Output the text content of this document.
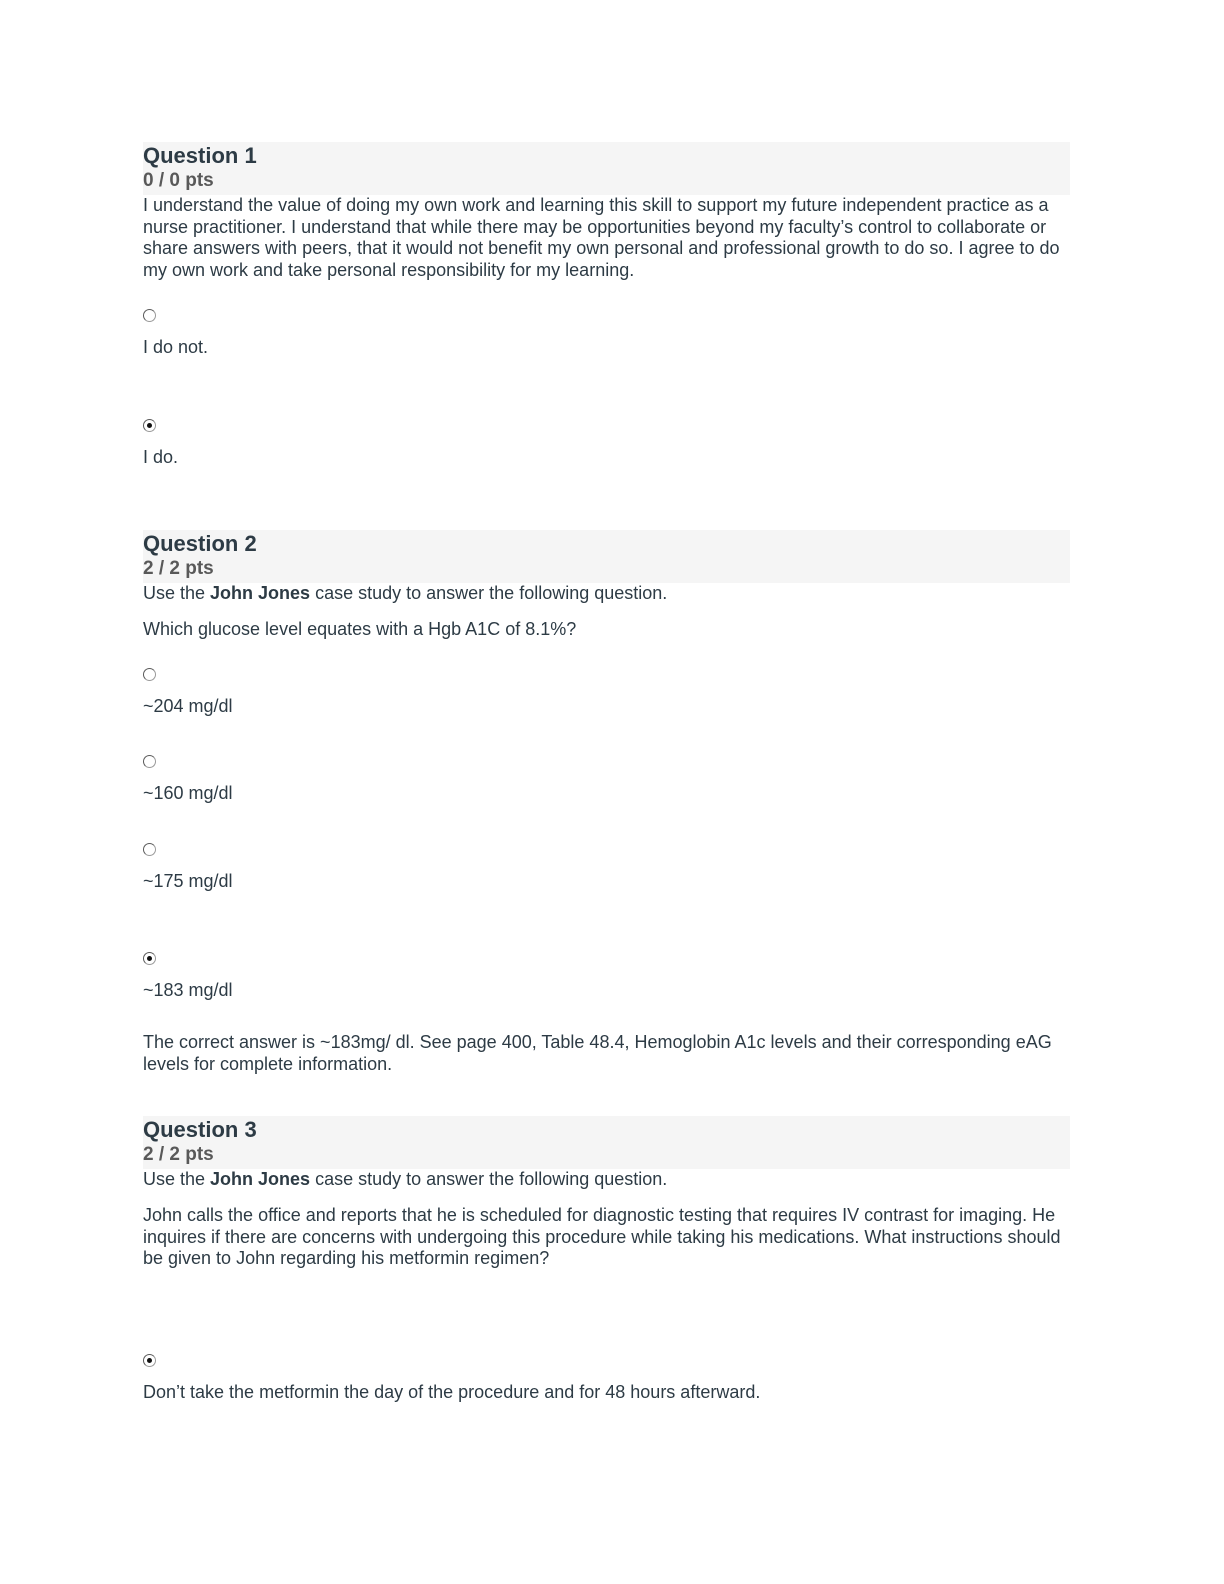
Question 1
0 / 0 pts

I understand the value of doing my own work and learning this skill to support my future independent practice as a nurse practitioner. I understand that while there may be opportunities beyond my faculty’s control to collaborate or share answers with peers, that it would not benefit my own personal and professional growth to do so. I agree to do my own work and take personal responsibility for my learning.

I do not.
I do.
Question 2
2 / 2 pts

Use the John Jones case study to answer the following question.

Which glucose level equates with a Hgb A1C of 8.1%?

~204 mg/dl
~160 mg/dl
~175 mg/dl
~183 mg/dl

The correct answer is ~183mg/ dl. See page 400, Table 48.4, Hemoglobin A1c levels and their corresponding eAG levels for complete information.

Question 3
2 / 2 pts

Use the John Jones case study to answer the following question.

John calls the office and reports that he is scheduled for diagnostic testing that requires IV contrast for imaging. He inquires if there are concerns with undergoing this procedure while taking his medications. What instructions should be given to John regarding his metformin regimen?

Don’t take the metformin the day of the procedure and for 48 hours afterward.
